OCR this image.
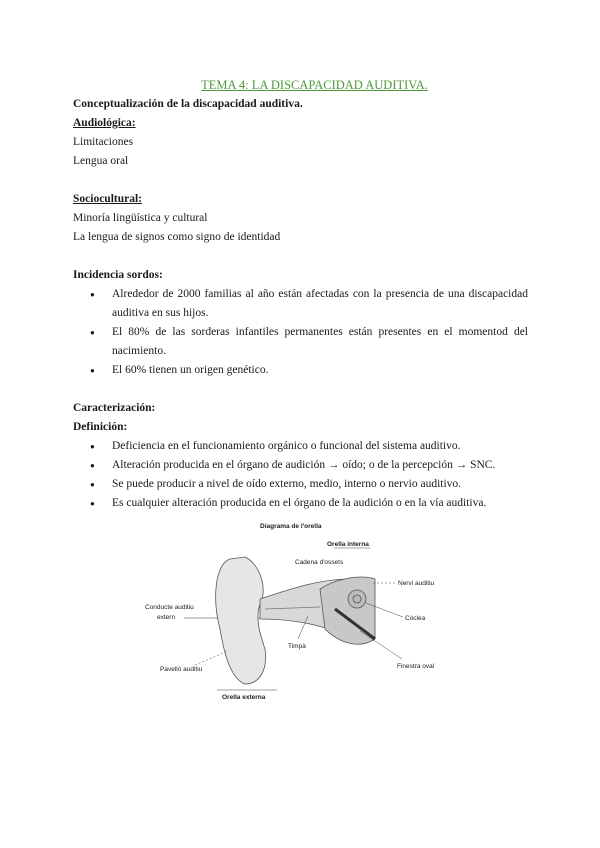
TEMA 4: LA DISCAPACIDAD AUDITIVA.
Conceptualización de la discapacidad auditiva.
Audiológica:
Limitaciones
Lengua oral
Sociocultural:
Minoría lingüística y cultural
La lengua de signos como signo de identidad
Incidencia sordos:
● Alrededor de 2000 familias al año están afectadas con la presencia de una discapacidad auditiva en sus hijos.
● El 80% de las sorderas infantiles permanentes están presentes en el momentod del nacimiento.
● El 60% tienen un origen genético.
Caracterización:
Definición:
● Deficiencia en el funcionamiento orgánico o funcional del sistema auditivo.
● Alteración producida en el órgano de audición → oído; o de la percepción → SNC.
● Se puede producir a nivel de oído externo, medio, interno o nervio auditivo.
● Es cualquier alteración producida en el órgano de la audición o en la vía auditiva.
Diagrama de l'orella
Orella interna
Cadena d'ossets
Nervi auditiu
Conducte auditiu
extern	Còclea
Timpà
Pavelló auditiu	Finestra oval
Orella externa
